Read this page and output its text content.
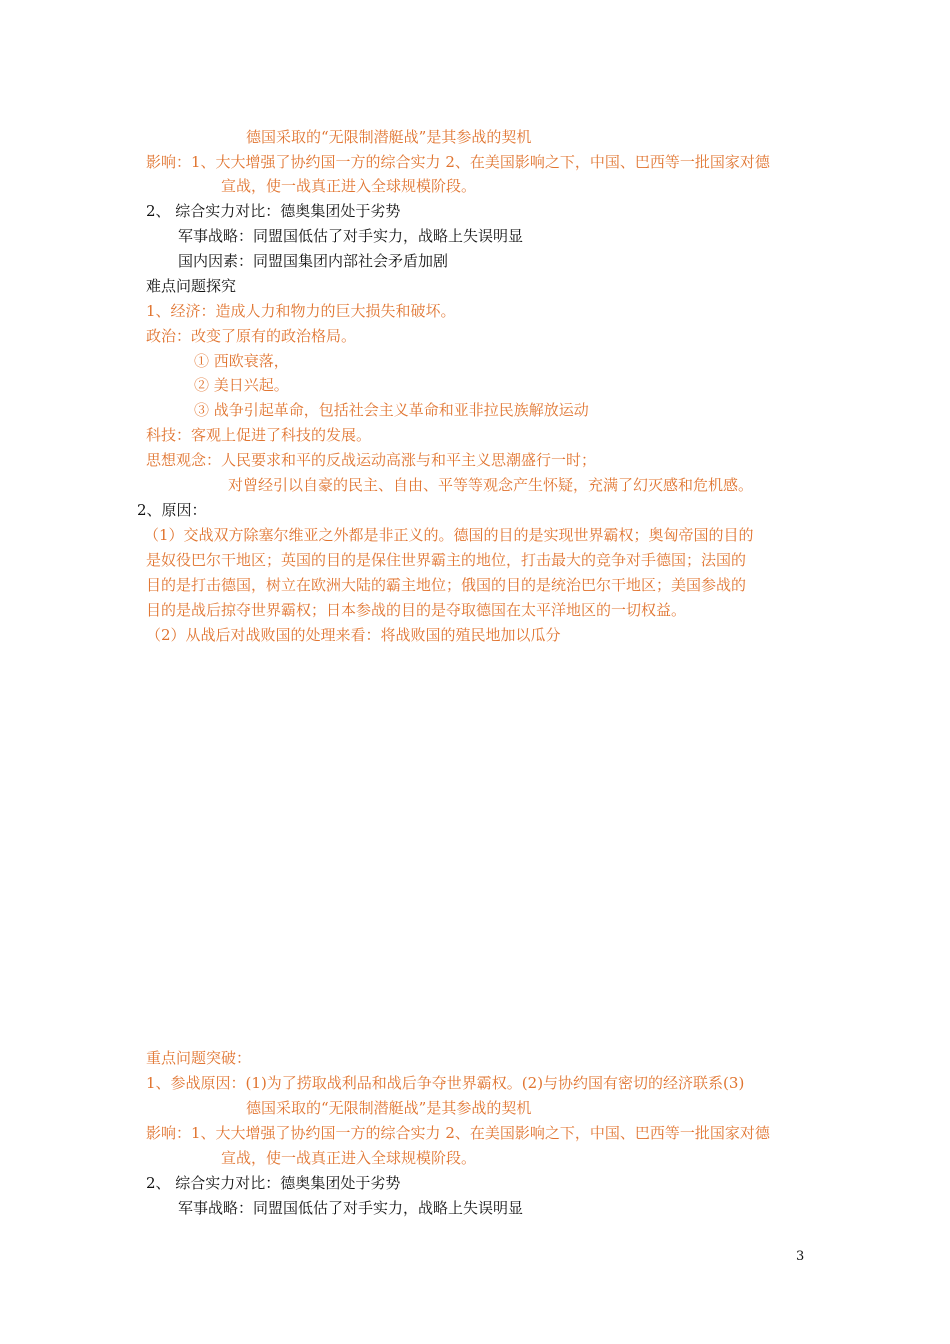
德国采取的“无限制潜艇战”是其参战的契机
影响：1、大大增强了协约国一方的综合实力 2、在美国影响之下，中国、巴西等一批国家对德
宣战，使一战真正进入全球规模阶段。
2、 综合实力对比：德奥集团处于劣势
军事战略：同盟国低估了对手实力，战略上失误明显
国内因素：同盟国集团内部社会矛盾加剧
难点问题探究
1、经济：造成人力和物力的巨大损失和破坏。
政治：改变了原有的政治格局。
① 西欧衰落，
② 美日兴起。
③ 战争引起革命，包括社会主义革命和亚非拉民族解放运动
科技：客观上促进了科技的发展。
思想观念：人民要求和平的反战运动高涨与和平主义思潮盛行一时；
对曾经引以自豪的民主、自由、平等等观念产生怀疑，充满了幻灭感和危机感。
2、原因：
（1）交战双方除塞尔维亚之外都是非正义的。德国的目的是实现世界霸权；奥匈帝国的目的
是奴役巴尔干地区；英国的目的是保住世界霸主的地位，打击最大的竞争对手德国；法国的
目的是打击德国，树立在欧洲大陆的霸主地位；俄国的目的是统治巴尔干地区；美国参战的
目的是战后掠夺世界霸权；日本参战的目的是夺取德国在太平洋地区的一切权益。
（2）从战后对战败国的处理来看：将战败国的殖民地加以瓜分
重点问题突破：
1、参战原因：(1)为了捞取战利品和战后争夺世界霸权。(2)与协约国有密切的经济联系(3)
德国采取的“无限制潜艇战”是其参战的契机
影响：1、大大增强了协约国一方的综合实力 2、在美国影响之下，中国、巴西等一批国家对德
宣战，使一战真正进入全球规模阶段。
2、 综合实力对比：德奥集团处于劣势
军事战略：同盟国低估了对手实力，战略上失误明显
3
